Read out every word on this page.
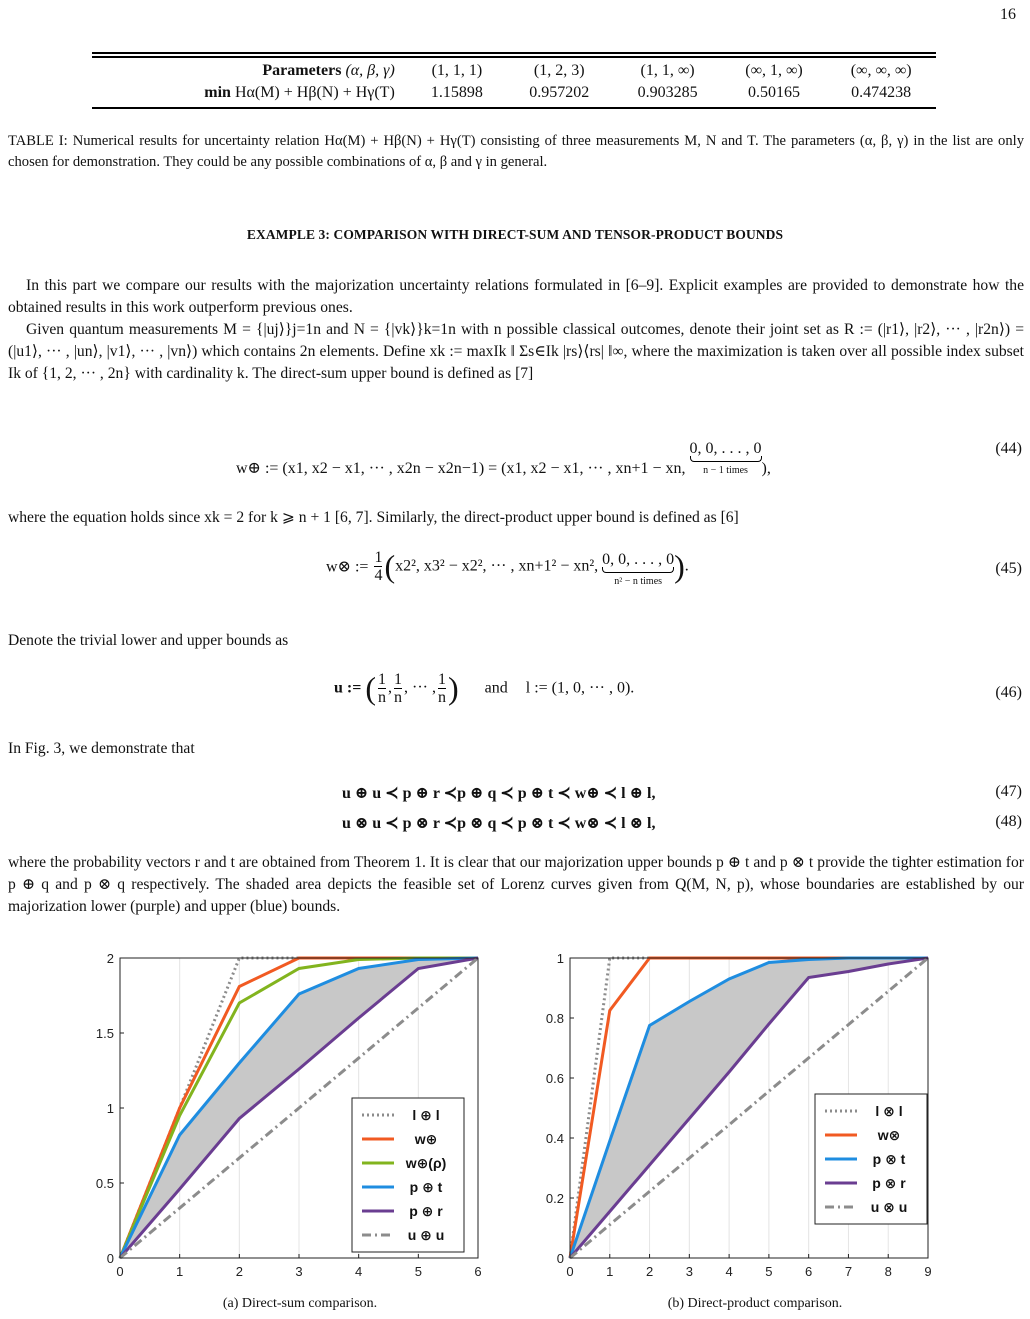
16
Parameters (α, β, γ)	(1, 1, 1)	(1, 2, 3)	(1, 1, ∞)	(∞, 1, ∞)	(∞, ∞, ∞)
min Hα(M) + Hβ(N) + Hγ(T)	1.15898	0.957202	0.903285	0.50165	0.474238
TABLE I: Numerical results for uncertainty relation Hα(M) + Hβ(N) + Hγ(T) consisting of three measurements M, N and T. The parameters (α, β, γ) in the list are only chosen for demonstration. They could be any possible combinations of α, β and γ in general.
EXAMPLE 3: COMPARISON WITH DIRECT-SUM AND TENSOR-PRODUCT BOUNDS
In this part we compare our results with the majorization uncertainty relations formulated in [6–9]. Explicit examples are provided to demonstrate how the obtained results in this work outperform previous ones.
Given quantum measurements M = {|uj⟩}j=1n and N = {|vk⟩}k=1n with n possible classical outcomes, denote their joint set as R := (|r1⟩, |r2⟩, ··· , |r2n⟩) = (|u1⟩, ··· , |un⟩, |v1⟩, ··· , |vn⟩) which contains 2n elements. Define xk := maxIk ‖ Σs∈Ik |rs⟩⟨rs| ‖∞, where the maximization is taken over all possible index subset Ik of {1, 2, ··· , 2n} with cardinality k. The direct-sum upper bound is defined as [7]
w⊕ := (x1, x2 − x1, ··· , x2n − x2n−1) = (x1, x2 − x1, ··· , xn+1 − xn, 0, 0, . . . , 0
n − 1 times ),
(44)
where the equation holds since xk = 2 for k ⩾ n + 1 [6, 7]. Similarly, the direct-product upper bound is defined as [6]
w⊗ := $\frac{1}{4} (x2^2$, x3² − x2², ··· , xn+1² − xn², 0, 0, . . . , 0
n² − n times ).	(45)
Denote the trivial lower and upper bounds as
u := ( $\frac{1}{n}$ , $\frac{1}{n}$ , ··· , $\frac{1}{n}$ ) and l := (1, 0, ··· , 0).	(46)
In Fig. 3, we demonstrate that
u ⊕ u ≺ p ⊕ r ≺p ⊕ q ≺ p ⊕ t ≺ w⊕ ≺ l ⊕ l,	(47)
u ⊗ u ≺ p ⊗ r ≺p ⊗ q ≺ p ⊗ t ≺ w⊗ ≺ l ⊗ l,	(48)
where the probability vectors r and t are obtained from Theorem 1. It is clear that our majorization upper bounds p ⊕ t and p ⊗ t provide the tighter estimation for p ⊕ q and p ⊗ q respectively. The shaded area depicts the feasible set of Lorenz curves given from Q(M, N, p), whose boundaries are established by our majorization lower (purple) and upper (blue) bounds.
0	1	2	3	4	5	6
0
0.5
1
1.5
2
l ⊕ l
w⊕
w⊕(ρ)
p ⊕ t
p ⊕ r
u ⊕ u
(a) Direct-sum comparison.
0	1	2	3	4	5	6	7	8	9
0
0.2
0.4
0.6
0.8
1
l ⊗ l
w⊗
p ⊗ t
p ⊗ r
u ⊗ u
(b) Direct-product comparison.
